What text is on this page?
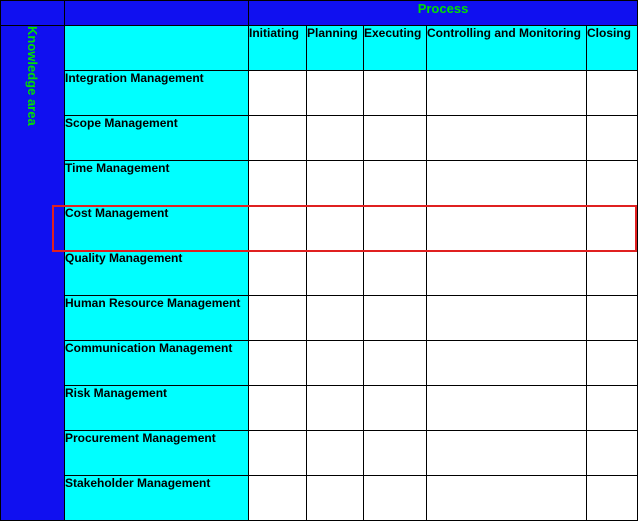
		Process				
Knowledge area		Initiating	Planning	Executing	Controlling and Monitoring	Closing
	Integration Management					
	Scope Management					
	Time Management					
	Cost Management					
	Quality Management					
	Human Resource Management					
	Communication Management					
	Risk Management					
	Procurement Management					
	Stakeholder Management					
